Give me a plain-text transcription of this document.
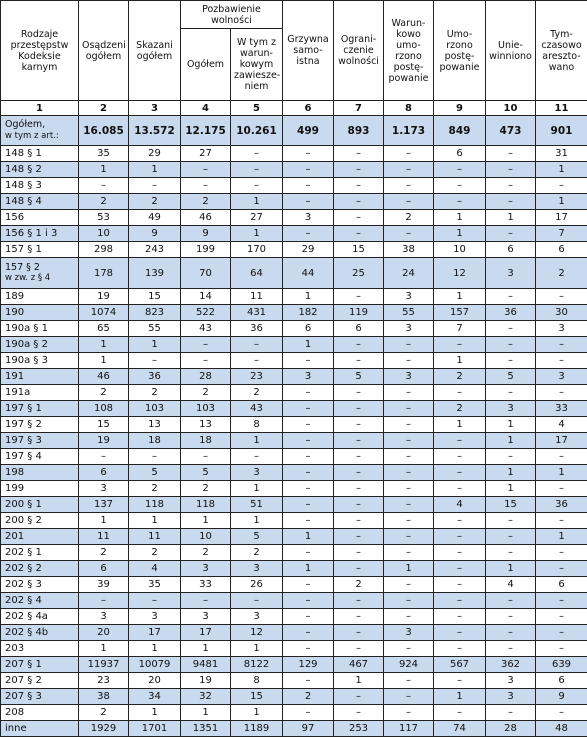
Rodzaje przestępstw Kodeksie karnym	Osądzeni ogółem	Skazani ogółem	Pozbawienie wolności		Grzywna samo-istna	Ograni-czenie wolności	Warun-kowo umo-rzono postę-powanie	Umo-rzono postę-powanie	Unie-winniono	Tym-czasowo areszto-wano
			Ogółem	W tym z warun-kowym zawiesze-niem						
1	2	3	4	5	6	7	8	9	10	11
Ogółem,
w tym z art.:	16.085	13.572	12.175	10.261	499	893	1.173	849	473	901
148 § 1	35	29	27	–	–	–	–	6	–	31
148 § 2	1	1	–	–	–	–	–	–	–	1
148 § 3	–	–	–	–	–	–	–	–	–	–
148 § 4	2	2	2	1	–	–	–	–	–	1
156	53	49	46	27	3	–	2	1	1	17
156 § 1 i 3	10	9	9	1	–	–	–	1	–	7
157 § 1	298	243	199	170	29	15	38	10	6	6
157 § 2
w zw. z § 4	178	139	70	64	44	25	24	12	3	2
189	19	15	14	11	1	–	3	1	–	–
190	1074	823	522	431	182	119	55	157	36	30
190a § 1	65	55	43	36	6	6	3	7	–	3
190a § 2	1	1	–	–	1	–	–	–	–	–
190a § 3	1	–	–	–	–	–	–	1	–	–
191	46	36	28	23	3	5	3	2	5	3
191a	2	2	2	2	–	–	–	–	–	–
197 § 1	108	103	103	43	–	–	–	2	3	33
197 § 2	15	13	13	8	–	–	–	1	1	4
197 § 3	19	18	18	1	–	–	–	–	1	17
197 § 4	–	–	–	–	–	–	–	–	–	–
198	6	5	5	3	–	–	–	–	1	1
199	3	2	2	1	–	–	–	–	1	–
200 § 1	137	118	118	51	–	–	–	4	15	36
200 § 2	1	1	1	1	–	–	–	–	–	–
201	11	11	10	5	1	–	–	–	–	1
202 § 1	2	2	2	2	–	–	–	–	–	–
202 § 2	6	4	3	3	1	–	1	–	1	–
202 § 3	39	35	33	26	–	2	–	–	4	6
202 § 4	–	–	–	–	–	–	–	–	–	–
202 § 4a	3	3	3	3	–	–	–	–	–	–
202 § 4b	20	17	17	12	–	–	3	–	–	–
203	1	1	1	1	–	–	–	–	–	–
207 § 1	11937	10079	9481	8122	129	467	924	567	362	639
207 § 2	23	20	19	8	–	1	–	–	3	6
207 § 3	38	34	32	15	2	–	–	1	3	9
208	2	1	1	1	–	–	–	–	–	–
inne	1929	1701	1351	1189	97	253	117	74	28	48
